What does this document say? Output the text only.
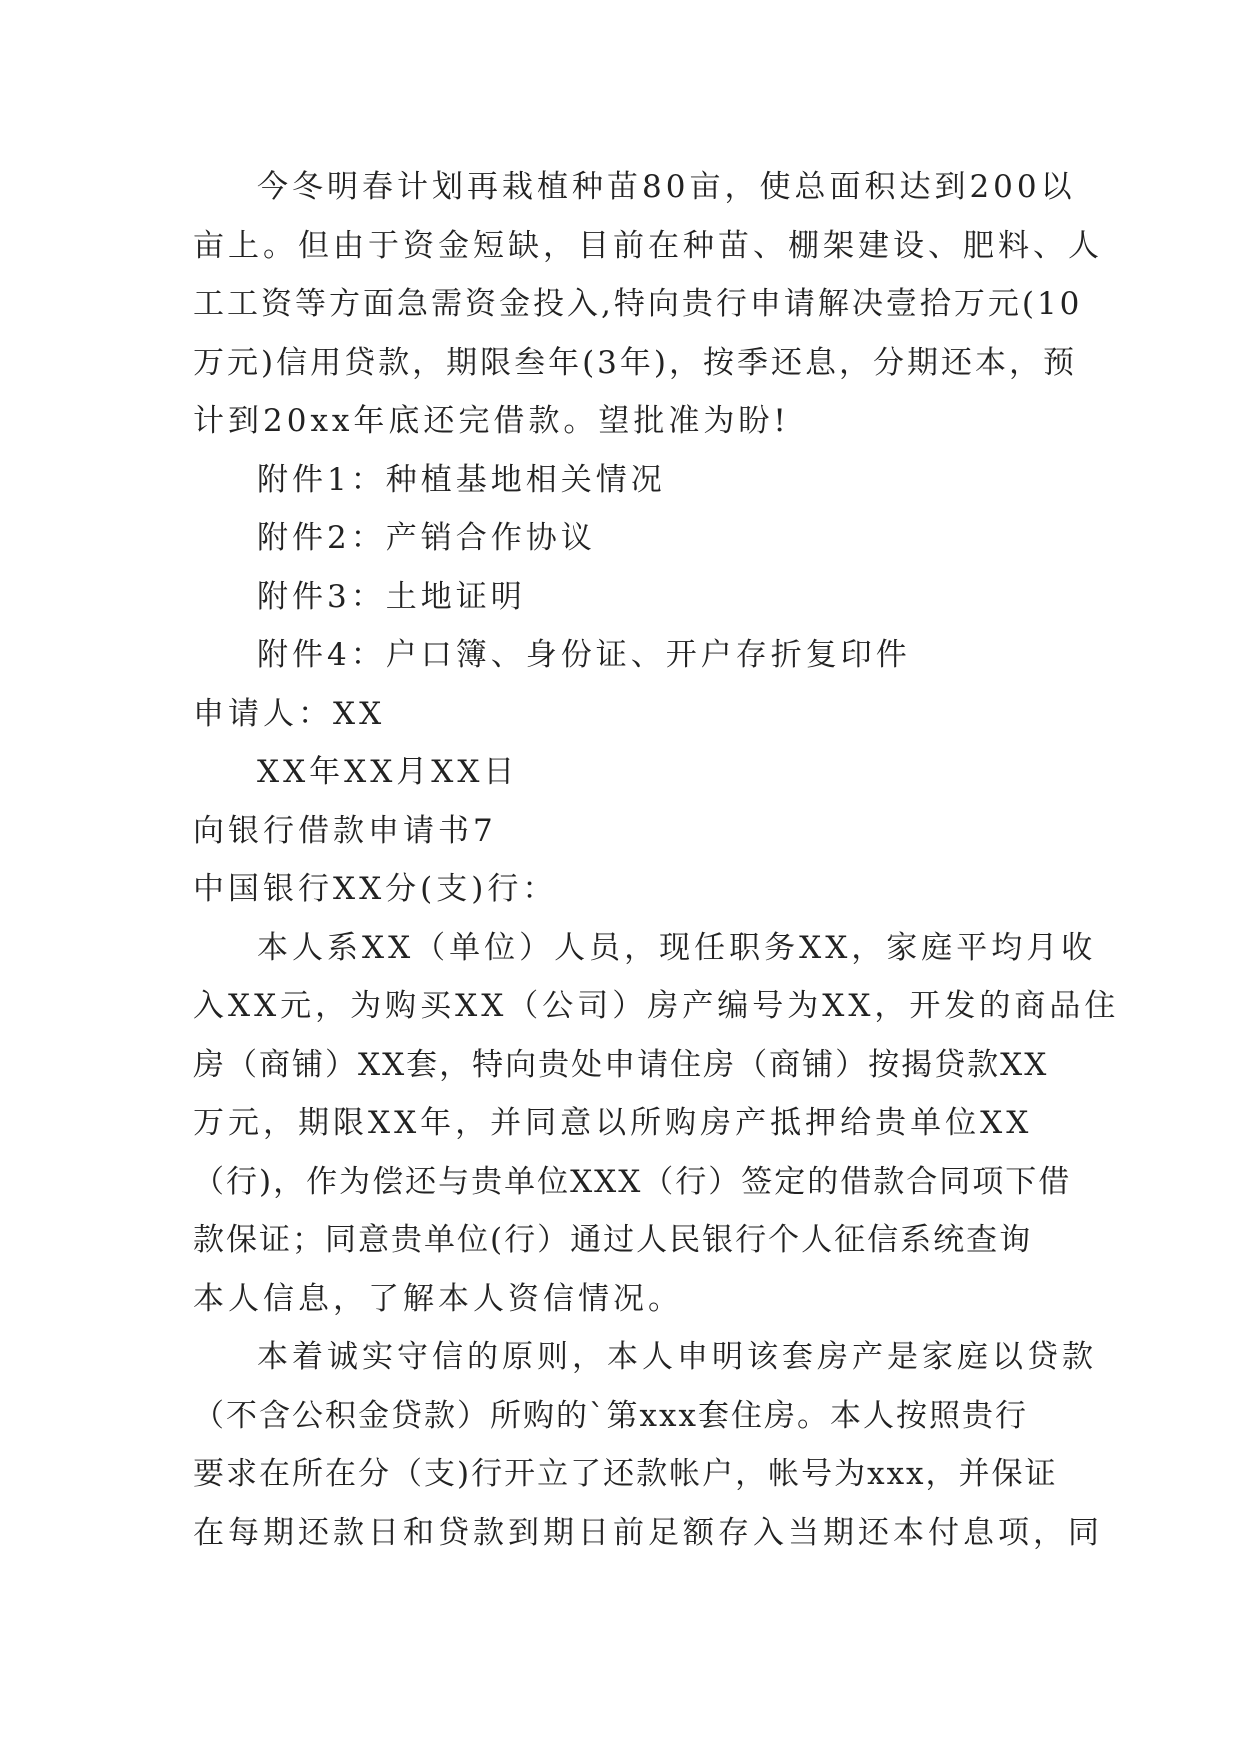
今冬明春计划再栽植种苗80亩，使总面积达到200以
亩上。但由于资金短缺，目前在种苗、棚架建设、肥料、人
工工资等方面急需资金投入,特向贵行申请解决壹拾万元(10
万元)信用贷款，期限叁年(3年)，按季还息，分期还本，预
计到20xx年底还完借款。望批准为盼!
附件1：种植基地相关情况
附件2：产销合作协议
附件3：土地证明
附件4：户口簿、身份证、开户存折复印件
申请人：XX
XX年XX月XX日
向银行借款申请书7
中国银行XX分(支)行：
本人系XX（单位）人员，现任职务XX，家庭平均月收
入XX元，为购买XX（公司）房产编号为XX，开发的商品住
房（商铺）XX套，特向贵处申请住房（商铺）按揭贷款XX
万元，期限XX年，并同意以所购房产抵押给贵单位XX
（行)，作为偿还与贵单位XXX（行）签定的借款合同项下借
款保证；同意贵单位(行）通过人民银行个人征信系统查询
本人信息，了解本人资信情况。
本着诚实守信的原则，本人申明该套房产是家庭以贷款
（不含公积金贷款）所购的`第xxx套住房。本人按照贵行
要求在所在分（支)行开立了还款帐户，帐号为xxx，并保证
在每期还款日和贷款到期日前足额存入当期还本付息项，同
